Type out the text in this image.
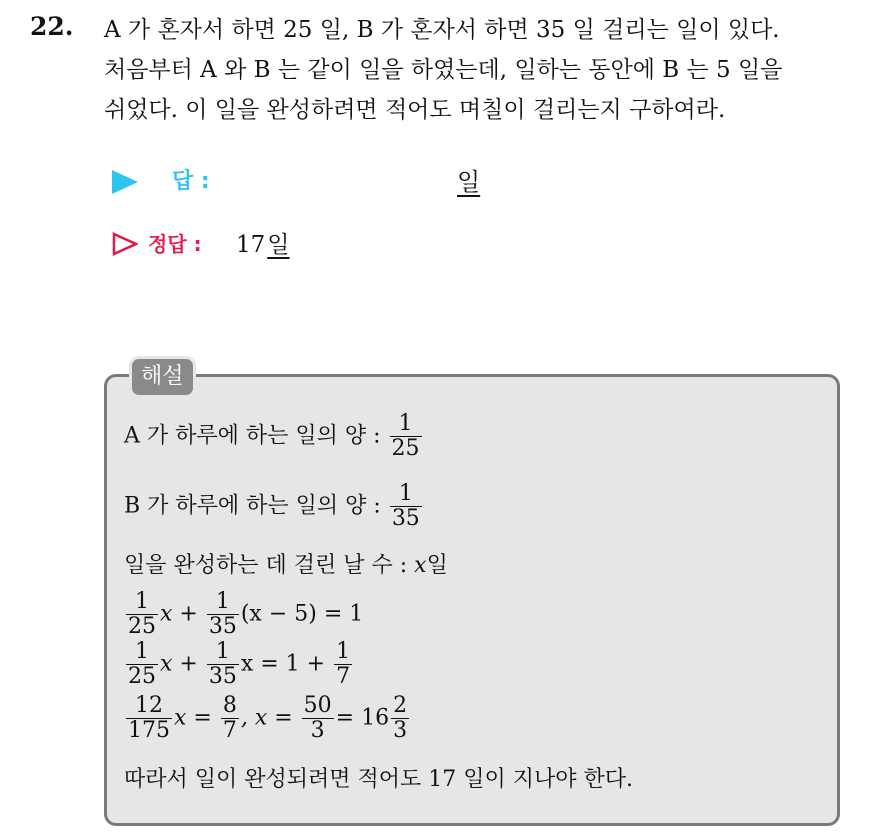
22. A 가 혼자서 하면 25 일, B 가 혼자서 하면 35 일 걸리는 일이 있다.
처음부터 A 와 B 는 같이 일을 하였는데, 일하는 동안에 B 는 5 일을
쉬었다. 이 일을 완성하려면 적어도 며칠이 걸리는지 구하여라.
답 :	일
정답 : 17일
해설
A 가 하루에 하는 일의 양 : $\frac{1}{25}$
B 가 하루에 하는 일의 양 : $\frac{1}{35}$
일을 완성하는 데 걸린 날 수 : x일
$\frac{1}{25}$ $x + \frac{1}{35} (x - 5) = 1$
$\frac{1}{25}$ $x + \frac{1}{35}$ $x = 1 + \frac{1}{7}$
$\frac{12}{175}$ $x = \frac{8}{7}$ , $x = \frac{50}{3} = 16 \frac{2}{3}$
따라서 일이 완성되려면 적어도 17 일이 지나야 한다.
